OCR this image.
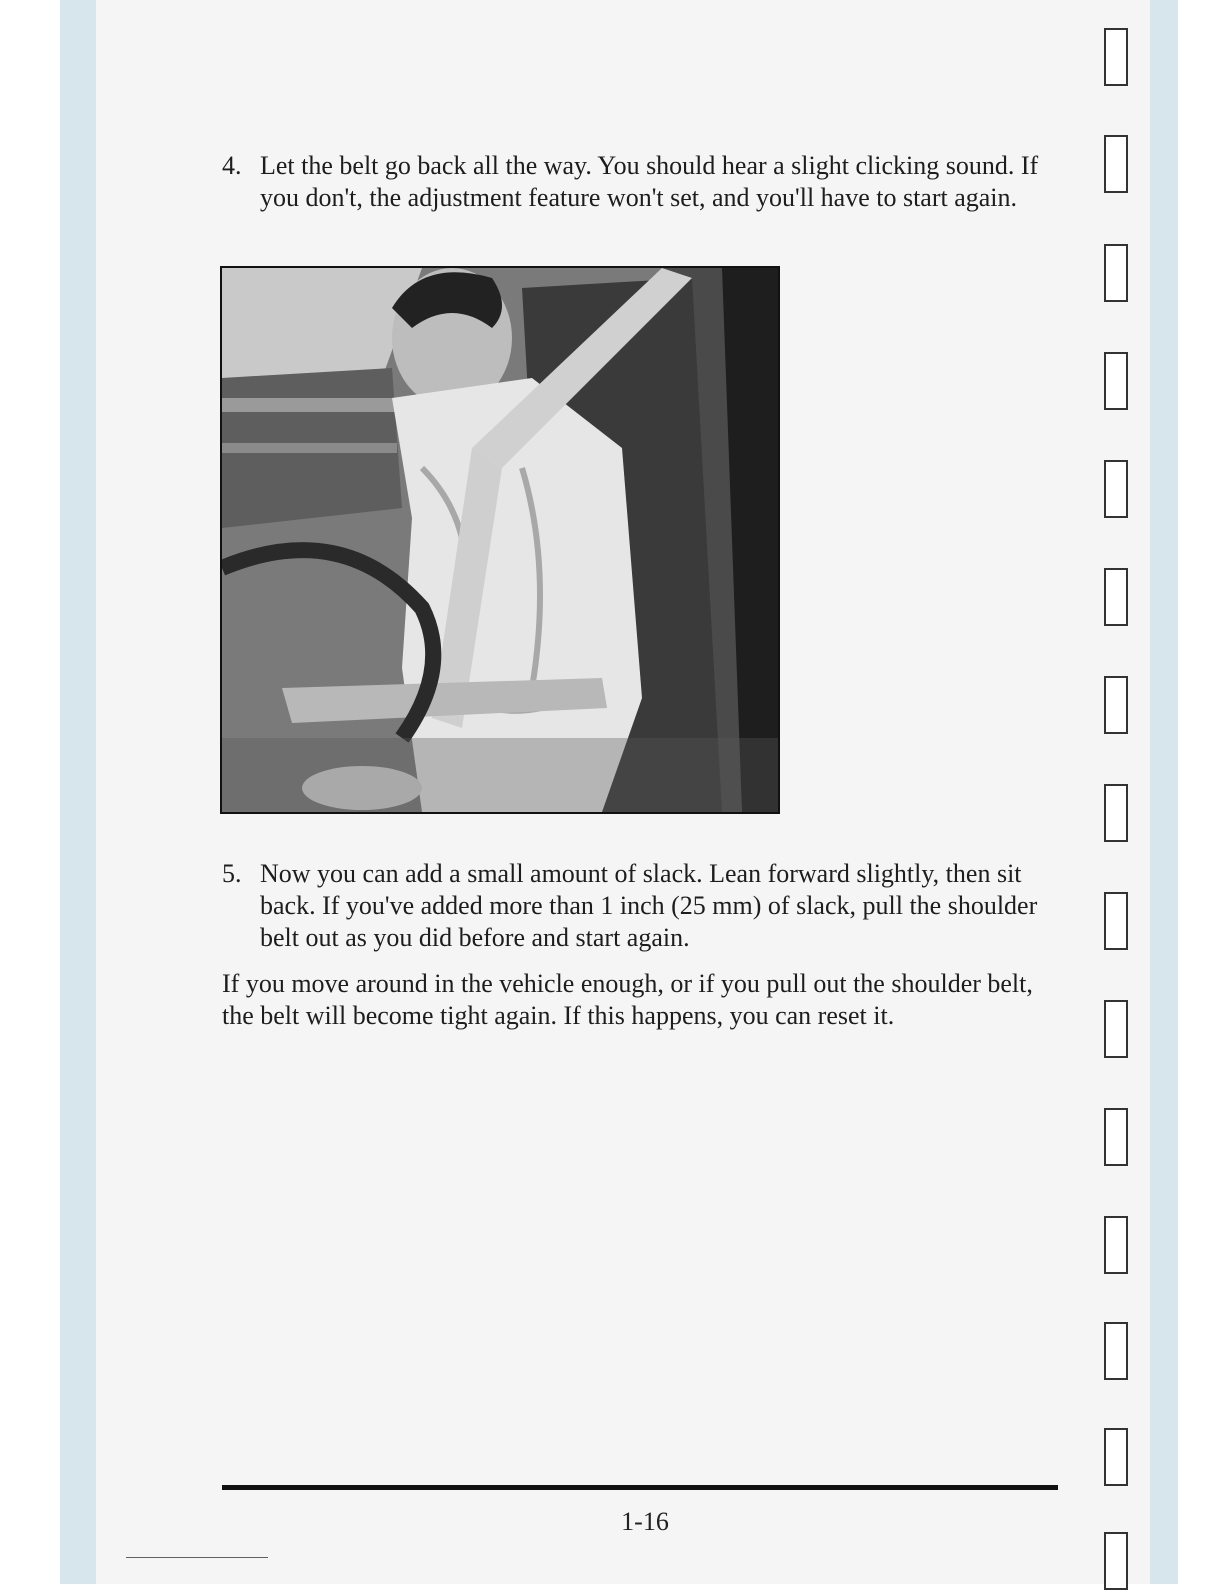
4. Let the belt go back all the way. You should hear a slight clicking sound. If you don't, the adjustment feature won't set, and you'll have to start again.
5. Now you can add a small amount of slack. Lean forward slightly, then sit back. If you've added more than 1 inch (25 mm) of slack, pull the shoulder belt out as you did before and start again.
If you move around in the vehicle enough, or if you pull out the shoulder belt, the belt will become tight again. If this happens, you can reset it.
1-16
